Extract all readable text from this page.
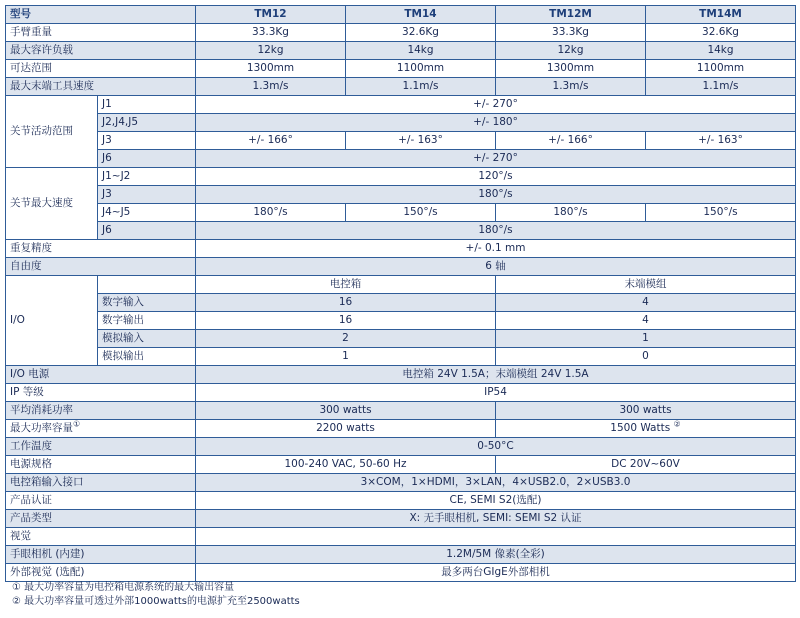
型号		TM12	TM14	TM12M	TM14M
手臂重量		33.3Kg	32.6Kg	33.3Kg	32.6Kg
最大容许负载		12kg	14kg	12kg	14kg
可达范围		1300mm	1100mm	1300mm	1100mm
最大末端工具速度		1.3m/s	1.1m/s	1.3m/s	1.1m/s
关节活动范围	J1	+/- 270°			
	J2,J4,J5	+/- 180°			
	J3	+/- 166°	+/- 163°	+/- 166°	+/- 163°
	J6	+/- 270°			
关节最大速度	J1~J2	120°/s			
	J3	180°/s			
	J4~J5	180°/s	150°/s	180°/s	150°/s
	J6	180°/s			
重复精度		+/- 0.1 mm			
自由度		6 轴			
I/O		电控箱		末端模组	
	数字输入	16		4	
	数字输出	16		4	
	模拟输入	2		1	
	模拟输出	1		0	
I/O 电源		电控箱 24V 1.5A；末端模组 24V 1.5A			
IP 等级		IP54			
平均消耗功率		300 watts		300 watts	
最大功率容量①		2200 watts		1500 Watts ②
工作温度		0-50°C			
电源规格		100-240 VAC, 50-60 Hz		DC 20V~60V	
电控箱输入接口		3×COM，1×HDMI，3×LAN，4×USB2.0，2×USB3.0			
产品认证		CE, SEMI S2(选配)			
产品类型		X: 无手眼相机, SEMI: SEMI S2 认证			
视觉					
手眼相机 (内建)		1.2M/5M 像素(全彩)			
外部视觉 (选配)		最多两台GIgE外部相机			
① 最大功率容量为电控箱电源系统的最大输出容量
② 最大功率容量可透过外部1000watts的电源扩充至2500watts
